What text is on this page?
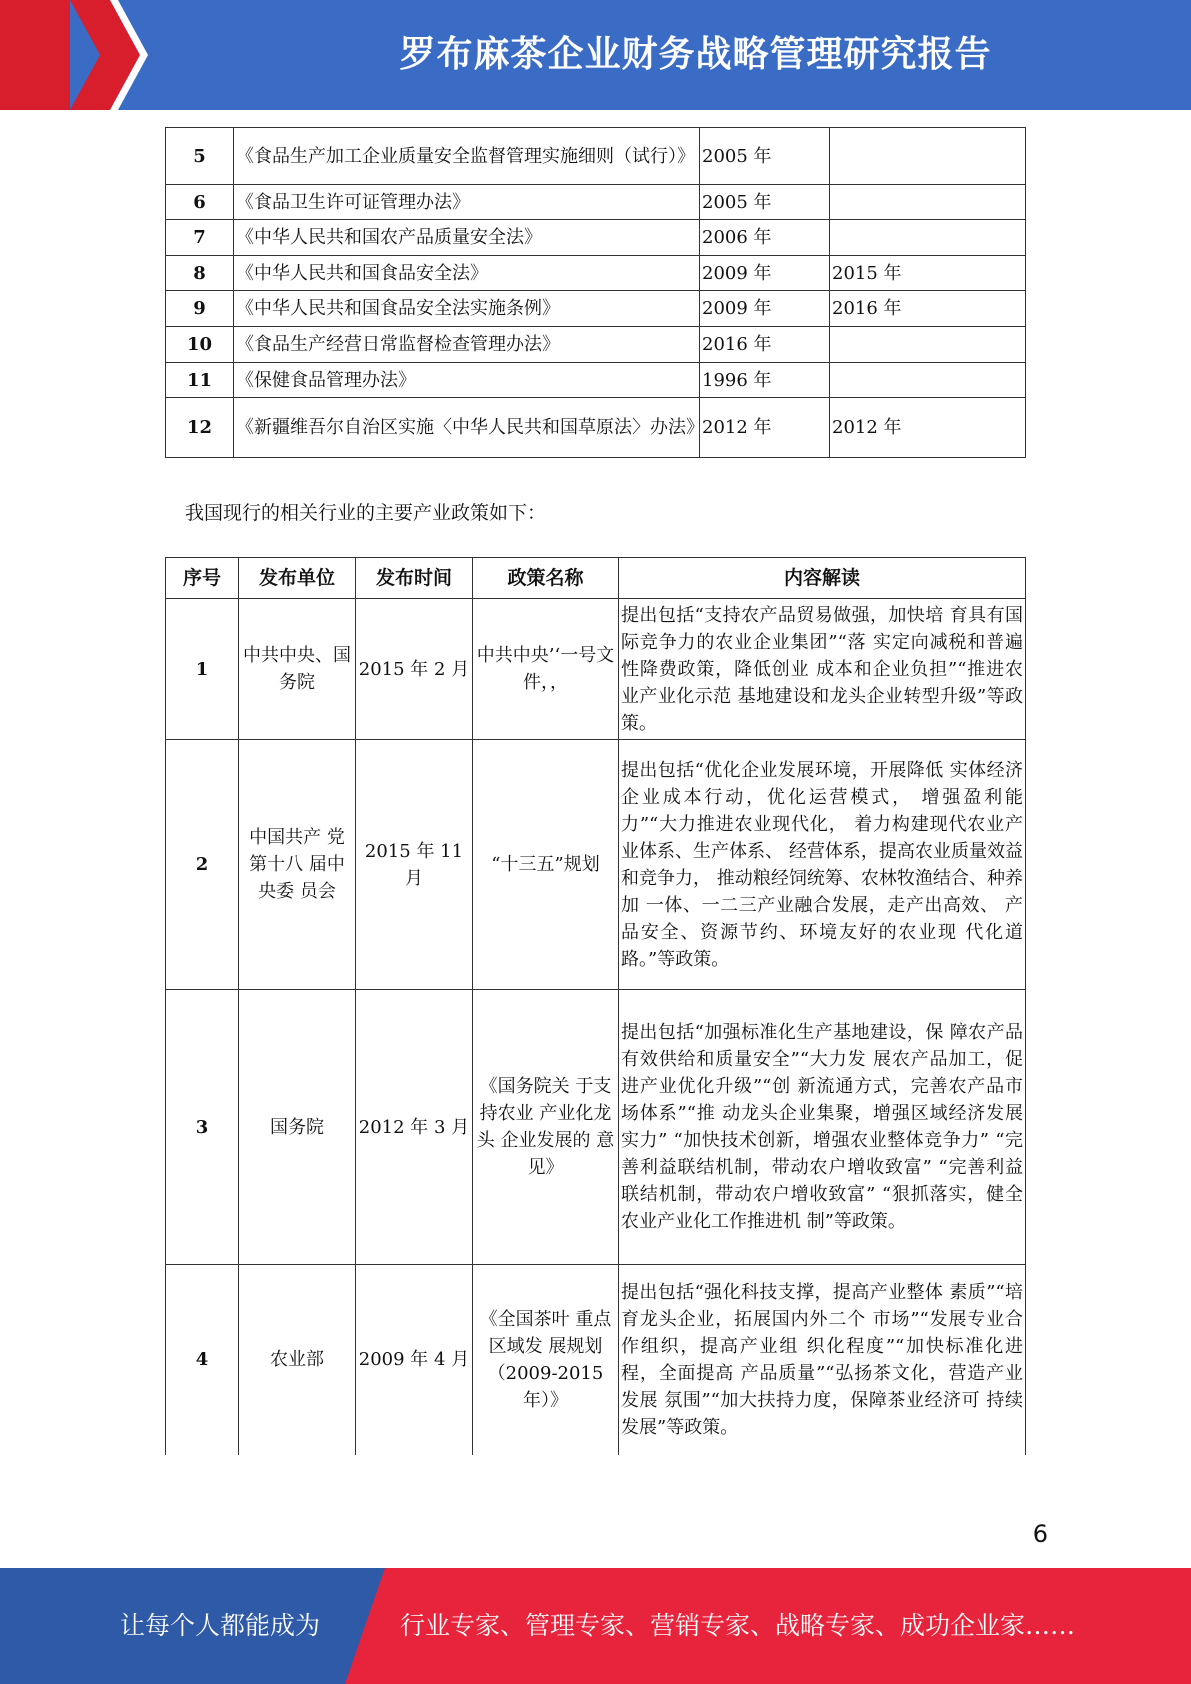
罗布麻茶企业财务战略管理研究报告
5	《食品生产加工企业质量安全监督管理实施细则（试行）》	2005 年	
6	《食品卫生许可证管理办法》	2005 年	
7	《中华人民共和国农产品质量安全法》	2006 年	
8	《中华人民共和国食品安全法》	2009 年	2015 年
9	《中华人民共和国食品安全法实施条例》	2009 年	2016 年
10	《食品生产经营日常监督检查管理办法》	2016 年	
11	《保健食品管理办法》	1996 年	
12	《新疆维吾尔自治区实施〈中华人民共和国草原法〉办法》	2012 年	2012 年
我国现行的相关行业的主要产业政策如下：
序号	发布单位	发布时间	政策名称	内容解读
1	中共中央、国务院	2015 年 2 月	中共中央’‘一号文件，，	提出包括“支持农产品贸易做强，加快培 育具有国际竞争力的农业企业集团”“落 实定向减税和普遍性降费政策，降低创业 成本和企业负担”“推进农业产业化示范 基地建设和龙头企业转型升级”等政策。
2	中国共产 党第十八 届中央委 员会	2015 年 11 月	“十三五”规划	提出包括“优化企业发展环境，开展降低 实体经济企业成本行动，优化运营模式， 增强盈利能力”“大力推进农业现代化， 着力构建现代农业产业体系、生产体系、 经营体系，提高农业质量效益和竞争力， 推动粮经饲统筹、农林牧渔结合、种养加 一体、一二三产业融合发展，走产出高效、 产品安全、资源节约、环境友好的农业现 代化道路。”等政策。
3	国务院	2012 年 3 月	《国务院关 于支持农业 产业化龙头 企业发展的 意见》	提出包括“加强标准化生产基地建设，保 障农产品有效供给和质量安全”“大力发 展农产品加工，促进产业优化升级”“创 新流通方式，完善农产品市场体系”“推 动龙头企业集聚，增强区域经济发展实力” “加快技术创新，增强农业整体竞争力” “完善利益联结机制，带动农户增收致富” “完善利益联结机制，带动农户增收致富” “狠抓落实，健全农业产业化工作推进机 制”等政策。
4	农业部	2009 年 4 月	《全国茶叶 重点区域发 展规划（2009-2015 年）》	提出包括“强化科技支撑，提高产业整体 素质”“培育龙头企业，拓展国内外二个 市场”“发展专业合作组织，提高产业组 织化程度”“加快标准化进程，全面提高 产品质量”“弘扬茶文化，营造产业发展 氛围”“加大扶持力度，保障茶业经济可 持续发展”等政策。
6
让每个人都能成为	行业专家、管理专家、营销专家、战略专家、成功企业家……
